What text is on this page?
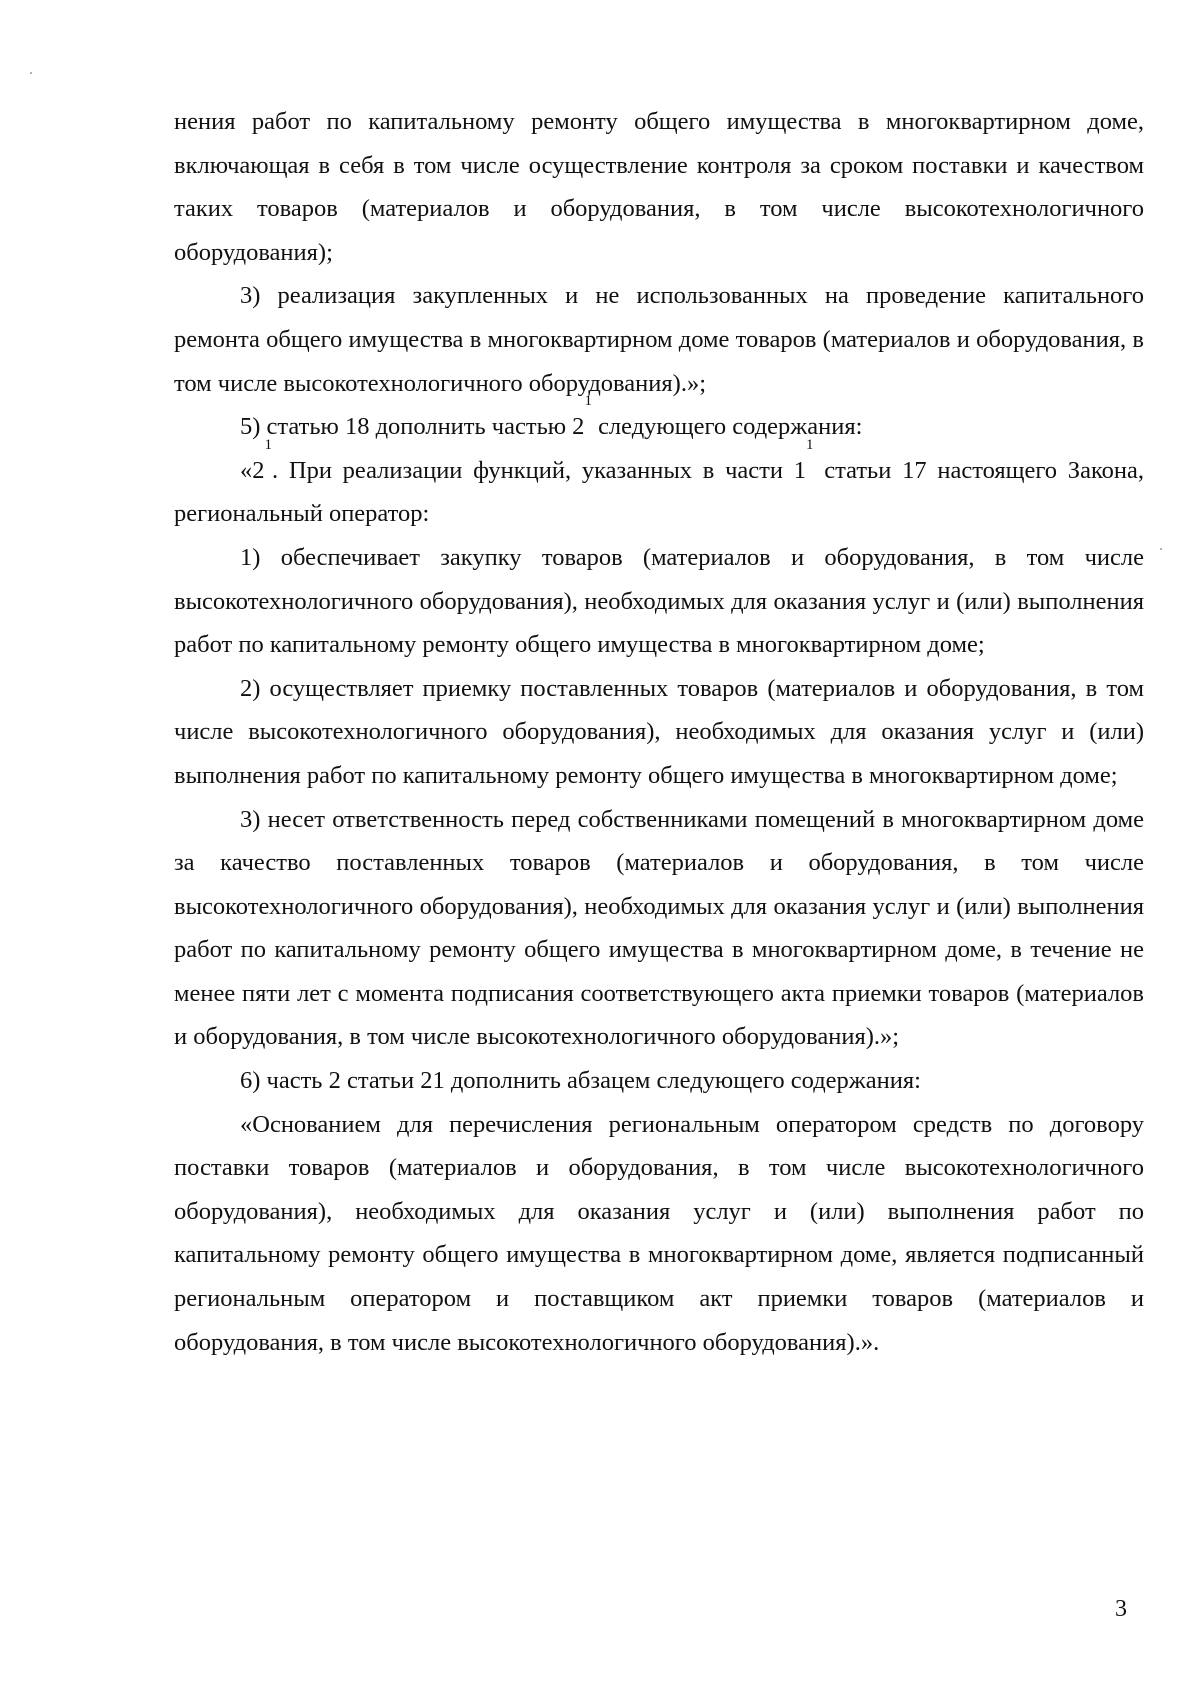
нения работ по капитальному ремонту общего имущества в многоквартирном доме, включающая в себя в том числе осуществление контроля за сроком поставки и качеством таких товаров (материалов и оборудования, в том числе высокотехнологичного оборудования);

3) реализация закупленных и не использованных на проведение капитального ремонта общего имущества в многоквартирном доме товаров (материалов и оборудования, в том числе высокотехнологичного оборудования).»;

5) статью 18 дополнить частью $2^1$ следующего содержания:

«$2^1$. При реализации функций, указанных в части $1^1$ статьи 17 настоящего Закона, региональный оператор:

1) обеспечивает закупку товаров (материалов и оборудования, в том числе высокотехнологичного оборудования), необходимых для оказания услуг и (или) выполнения работ по капитальному ремонту общего имущества в многоквартирном доме;

2) осуществляет приемку поставленных товаров (материалов и оборудования, в том числе высокотехнологичного оборудования), необходимых для оказания услуг и (или) выполнения работ по капитальному ремонту общего имущества в многоквартирном доме;

3) несет ответственность перед собственниками помещений в многоквартирном доме за качество поставленных товаров (материалов и оборудования, в том числе высокотехнологичного оборудования), необходимых для оказания услуг и (или) выполнения работ по капитальному ремонту общего имущества в многоквартирном доме, в течение не менее пяти лет с момента подписания соответствующего акта приемки товаров (материалов и оборудования, в том числе высокотехнологичного оборудования).»;

6) часть 2 статьи 21 дополнить абзацем следующего содержания:

«Основанием для перечисления региональным оператором средств по договору поставки товаров (материалов и оборудования, в том числе высокотехнологичного оборудования), необходимых для оказания услуг и (или) выполнения работ по капитальному ремонту общего имущества в многоквартирном доме, является подписанный региональным оператором и поставщиком акт приемки товаров (материалов и оборудования, в том числе высокотехнологичного оборудования).».

3
